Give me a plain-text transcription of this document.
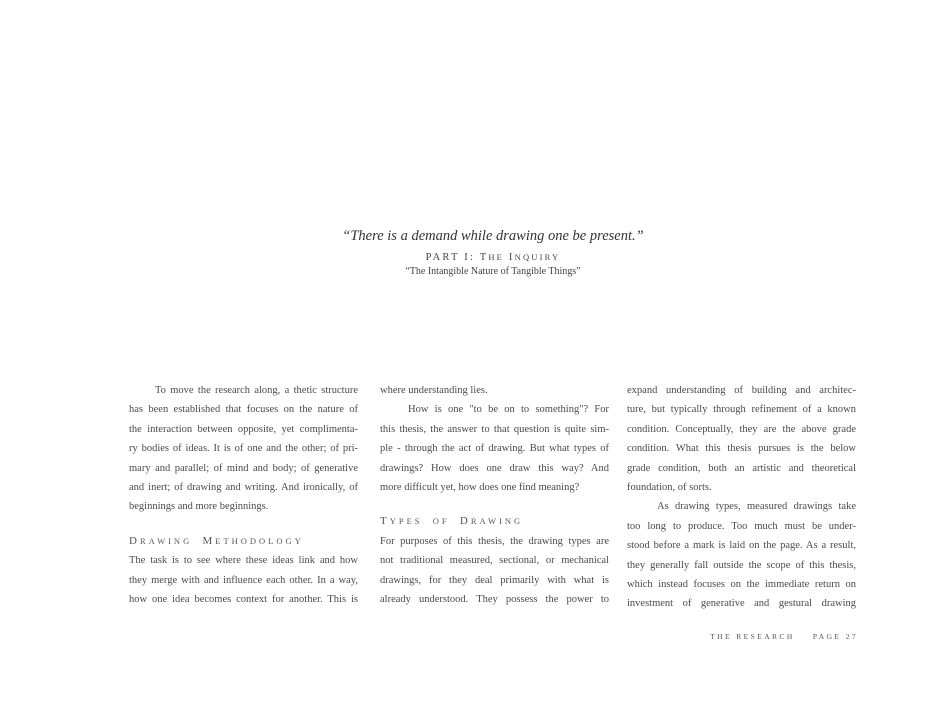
“There is a demand while drawing one be present.”
PART I: THE INQUIRY
“The Intangible Nature of Tangible Things”
To move the research along, a thetic structure
has been established that focuses on the nature of
the interaction between opposite, yet complimenta-
ry bodies of ideas. It is of one and the other; of pri-
mary and parallel; of mind and body; of generative
and inert; of drawing and writing. And ironically, of
beginnings and more beginnings.
DRAWING METHODOLOGY
The task is to see where these ideas link and how
they merge with and influence each other. In a way,
how one idea becomes context for another. This is
where understanding lies.
How is one "to be on to something"? For
this thesis, the answer to that question is quite sim-
ple - through the act of drawing. But what types of
drawings? How does one draw this way? And
more difficult yet, how does one find meaning?
TYPES OF DRAWING
For purposes of this thesis, the drawing types are
not traditional measured, sectional, or mechanical
drawings, for they deal primarily with what is
already understood. They possess the power to
expand understanding of building and architec-
ture, but typically through refinement of a known
condition. Conceptually, they are the above grade
condition. What this thesis pursues is the below
grade condition, both an artistic and theoretical
foundation, of sorts.
As drawing types, measured drawings take
too long to produce. Too much must be under-
stood before a mark is laid on the page. As a result,
they generally fall outside the scope of this thesis,
which instead focuses on the immediate return on
investment of generative and gestural drawing
THE RESEARCH PAGE 27
